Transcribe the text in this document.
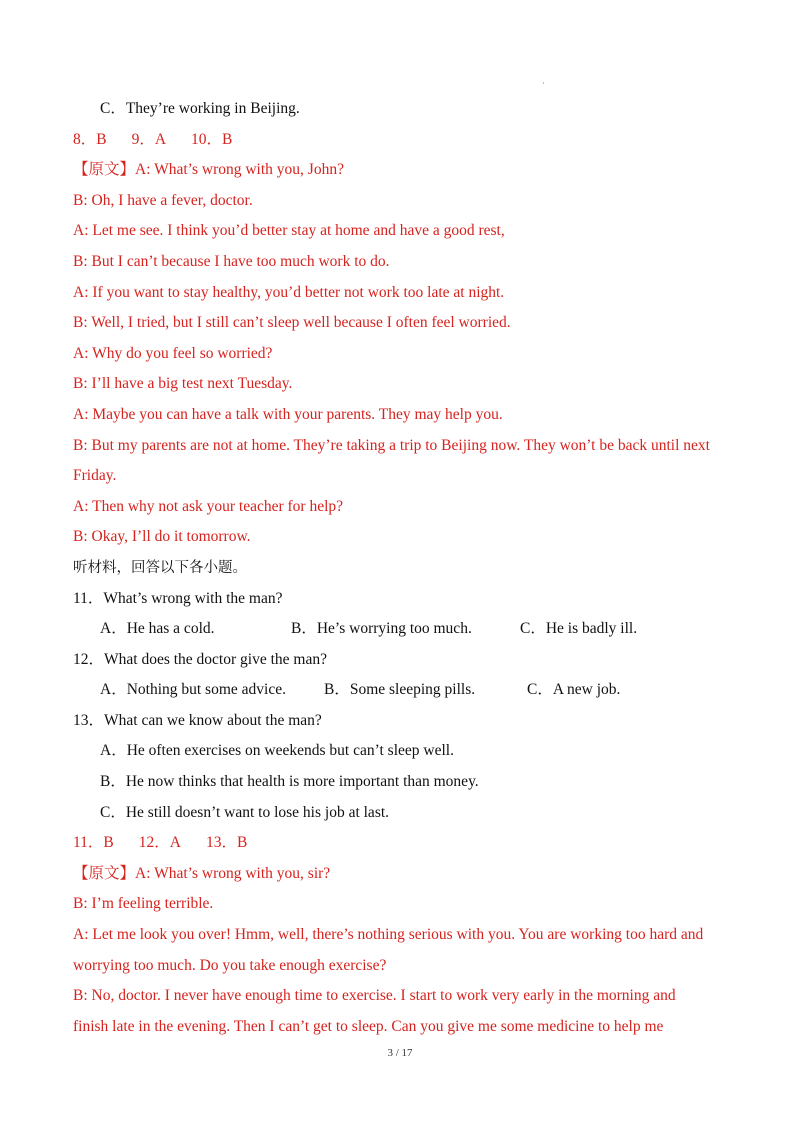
·

C．They’re working in Beijing.

8．B 9．A 10．B

【原文】A: What’s wrong with you, John?

B: Oh, I have a fever, doctor.

A: Let me see. I think you’d better stay at home and have a good rest,

B: But I can’t because I have too much work to do.

A: If you want to stay healthy, you’d better not work too late at night.

B: Well, I tried, but I still can’t sleep well because I often feel worried.

A: Why do you feel so worried?

B: I’ll have a big test next Tuesday.

A: Maybe you can have a talk with your parents. They may help you.

B: But my parents are not at home. They’re taking a trip to Beijing now. They won’t be back until next Friday.

A: Then why not ask your teacher for help?

B: Okay, I’ll do it tomorrow.

听材料，回答以下各小题。

11．What’s wrong with the man?

A．He has a cold.	B．He’s worrying too much.	C．He is badly ill.

12．What does the doctor give the man?

A．Nothing but some advice. B．Some sleeping pills.	C．A new job.

13．What can we know about the man?

A．He often exercises on weekends but can’t sleep well.

B．He now thinks that health is more important than money.

C．He still doesn’t want to lose his job at last.

11．B 12．A 13．B

【原文】A: What’s wrong with you, sir?

B: I’m feeling terrible.

A: Let me look you over! Hmm, well, there’s nothing serious with you. You are working too hard and worrying too much. Do you take enough exercise?

B: No, doctor. I never have enough time to exercise. I start to work very early in the morning and finish late in the evening. Then I can’t get to sleep. Can you give me some medicine to help me

3 / 17
